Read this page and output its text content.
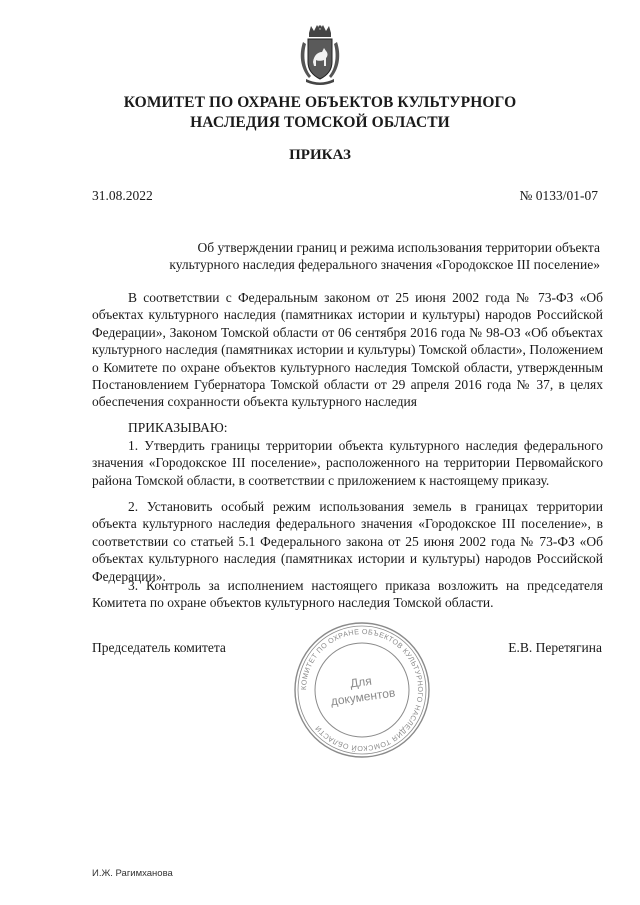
КОМИТЕТ ПО ОХРАНЕ ОБЪЕКТОВ КУЛЬТУРНОГО
НАСЛЕДИЯ ТОМСКОЙ ОБЛАСТИ
ПРИКАЗ
31.08.2022	№ 0133/01-07
Об утверждении границ и режима использования территории объекта
культурного наследия федерального значения «Городокское III поселение»
В соответствии с Федеральным законом от 25 июня 2002 года № 73-ФЗ «Об объектах культурного наследия (памятниках истории и культуры) народов Российской Федерации», Законом Томской области от 06 сентября 2016 года № 98-ОЗ «Об объектах культурного наследия (памятниках истории и культуры) Томской области», Положением о Комитете по охране объектов культурного наследия Томской области, утвержденным Постановлением Губернатора Томской области от 29 апреля 2016 года № 37, в целях обеспечения сохранности объекта культурного наследия
ПРИКАЗЫВАЮ:
1. Утвердить границы территории объекта культурного наследия федерального значения «Городокское III поселение», расположенного на территории Первомайского района Томской области, в соответствии с приложением к настоящему приказу.
2. Установить особый режим использования земель в границах территории объекта культурного наследия федерального значения «Городокское III поселение», в соответствии со статьей 5.1 Федерального закона от 25 июня 2002 года № 73-ФЗ «Об объектах культурного наследия (памятниках истории и культуры) народов Российской Федерации».
3. Контроль за исполнением настоящего приказа возложить на председателя Комитета по охране объектов культурного наследия Томской области.
Председатель комитета	Е.В. Перетягина
КОМИТЕТ ПО ОХРАНЕ ОБЪЕКТОВ КУЛЬТУРНОГО НАСЛЕДИЯ ТОМСКОЙ ОБЛАСТИ
Для
документов
И.Ж. Рагимханова
